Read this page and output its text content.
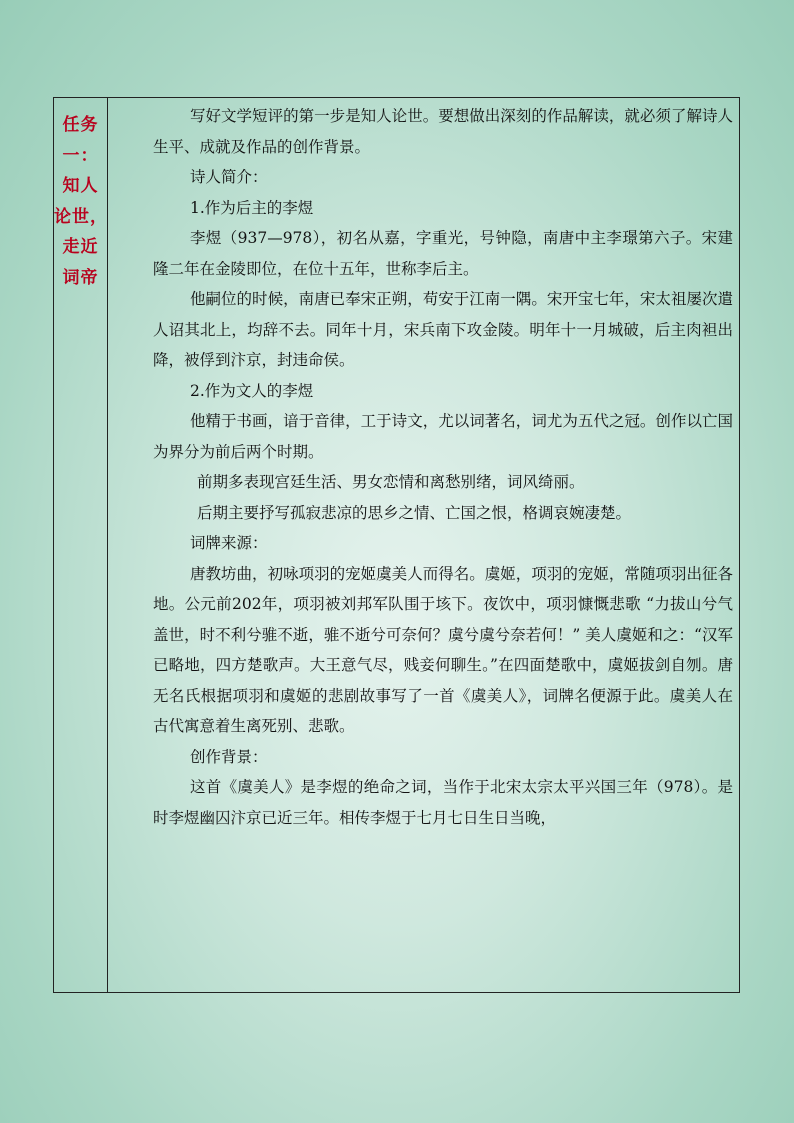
任务
一：
知人
论世，
走近
词帝

写好文学短评的第一步是知人论世。要想做出深刻的作品解读，就必须了解诗人生平、成就及作品的创作背景。

诗人简介：

1.作为后主的李煜

李煜（937—978），初名从嘉，字重光，号钟隐，南唐中主李璟第六子。宋建隆二年在金陵即位，在位十五年，世称李后主。

他嗣位的时候，南唐已奉宋正朔，苟安于江南一隅。宋开宝七年，宋太祖屡次遣人诏其北上，均辞不去。同年十月，宋兵南下攻金陵。明年十一月城破，后主肉袒出降，被俘到汴京，封违命侯。

2.作为文人的李煜

他精于书画，谙于音律，工于诗文，尤以词著名，词尤为五代之冠。创作以亡国为界分为前后两个时期。

前期多表现宫廷生活、男女恋情和离愁别绪，词风绮丽。

后期主要抒写孤寂悲凉的思乡之情、亡国之恨，格调哀婉凄楚。

词牌来源：

唐教坊曲，初咏项羽的宠姬虞美人而得名。虞姬，项羽的宠姬，常随项羽出征各地。公元前202年，项羽被刘邦军队围于垓下。夜饮中，项羽慷慨悲歌 “力拔山兮气盖世，时不利兮骓不逝，骓不逝兮可奈何？虞兮虞兮奈若何！” 美人虞姬和之：“汉军已略地，四方楚歌声。大王意气尽，贱妾何聊生。”在四面楚歌中，虞姬拔剑自刎。唐无名氏根据项羽和虞姬的悲剧故事写了一首《虞美人》，词牌名便源于此。虞美人在古代寓意着生离死别、悲歌。

创作背景：

这首《虞美人》是李煜的绝命之词，当作于北宋太宗太平兴国三年（978）。是时李煜幽囚汴京已近三年。相传李煜于七月七日生日当晚，
